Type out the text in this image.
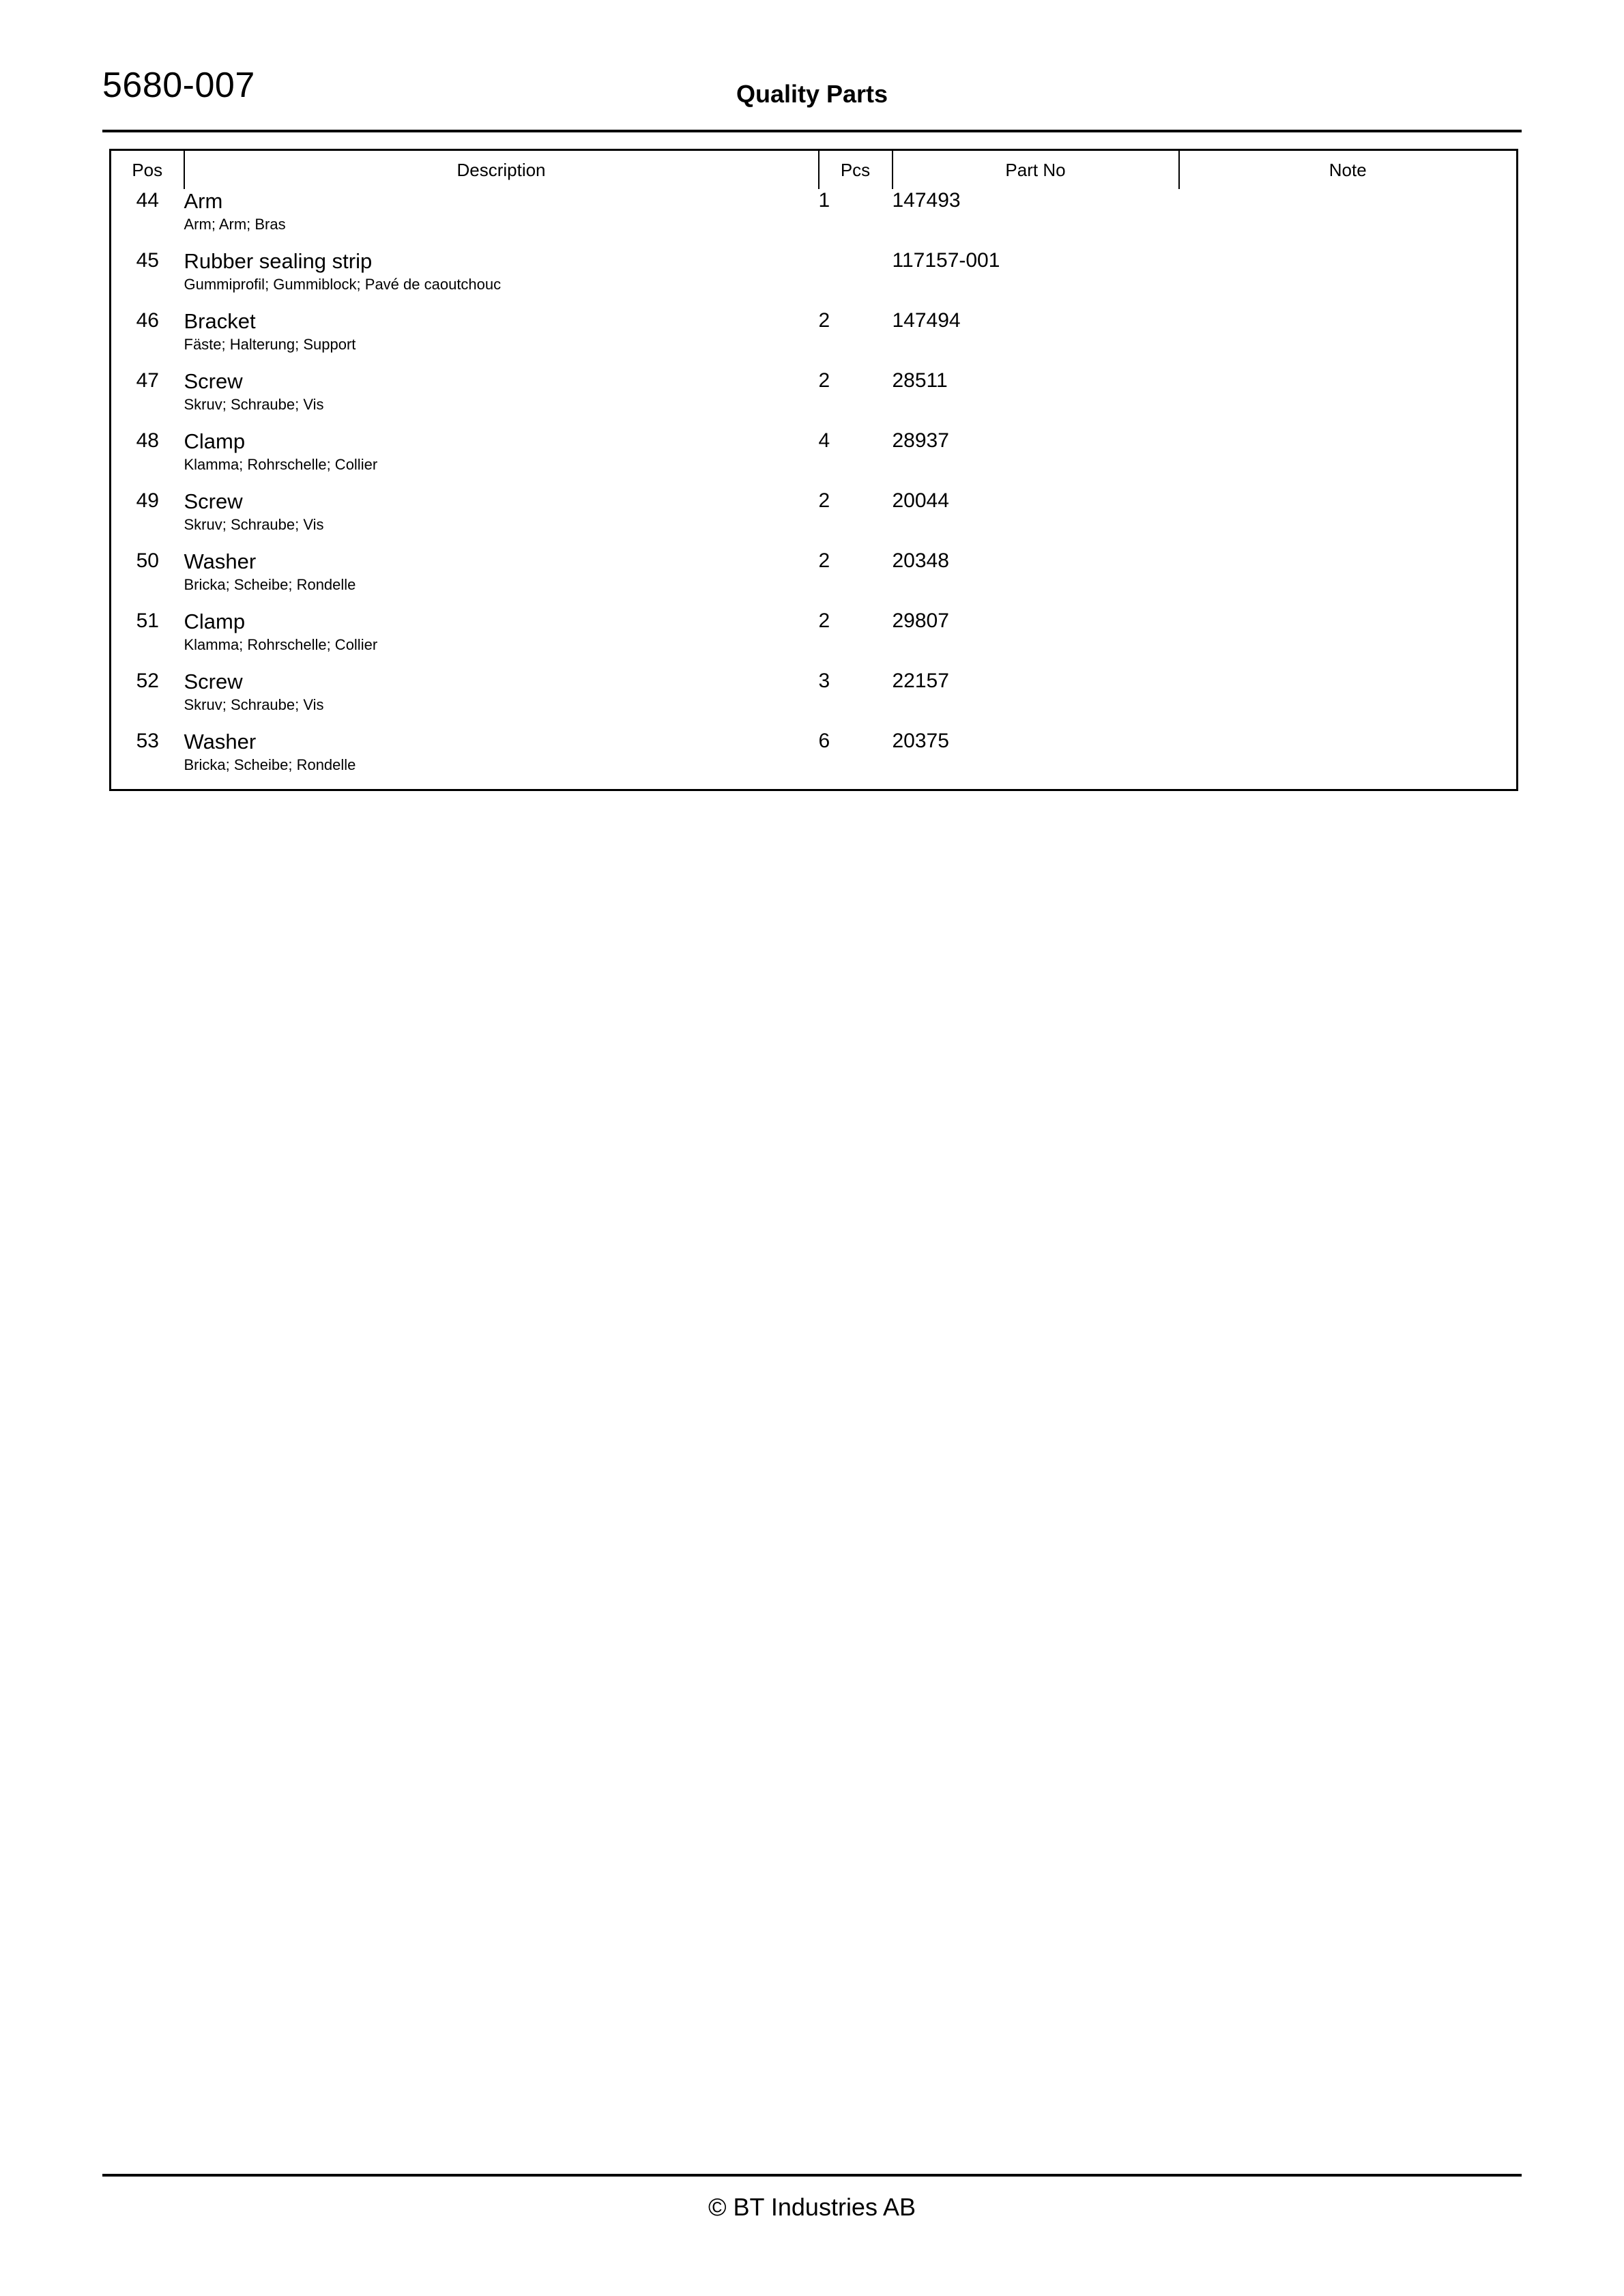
5680-007	Quality Parts
Pos	Description	Pcs	Part No	Note
44	Arm
Arm; Arm; Bras	1	147493	
45	Rubber sealing strip
Gummiprofil; Gummiblock; Pavé de caoutchouc		117157-001	
46	Bracket
Fäste; Halterung; Support	2	147494	
47	Screw
Skruv; Schraube; Vis	2	28511	
48	Clamp
Klamma; Rohrschelle; Collier	4	28937	
49	Screw
Skruv; Schraube; Vis	2	20044	
50	Washer
Bricka; Scheibe; Rondelle	2	20348	
51	Clamp
Klamma; Rohrschelle; Collier	2	29807	
52	Screw
Skruv; Schraube; Vis	3	22157	
53	Washer
Bricka; Scheibe; Rondelle	6	20375	
© BT Industries AB
